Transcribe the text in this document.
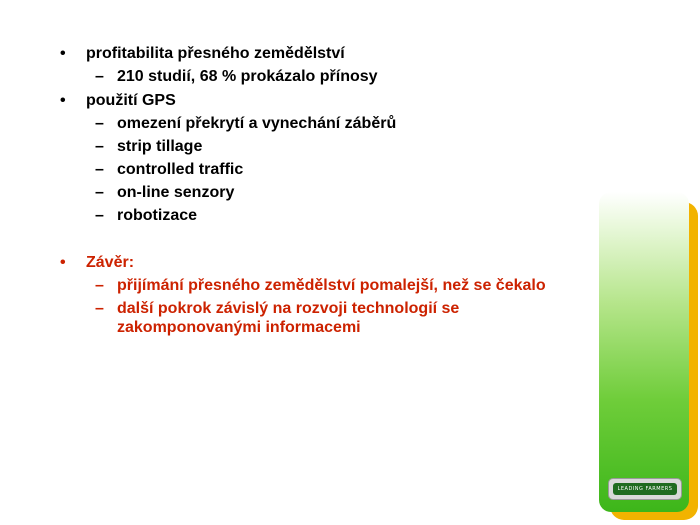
• profitabilita přesného zemědělství
– 210 studií, 68 % prokázalo přínosy
• použití GPS
– omezení překrytí a vynechání záběrů
– strip tillage
– controlled traffic
– on-line senzory
– robotizace
• Závěr:
– přijímání přesného zemědělství pomalejší, než se čekalo
– další pokrok závislý na rozvoji technologií se
zakomponovanými informacemi
LEADING FARMERS
